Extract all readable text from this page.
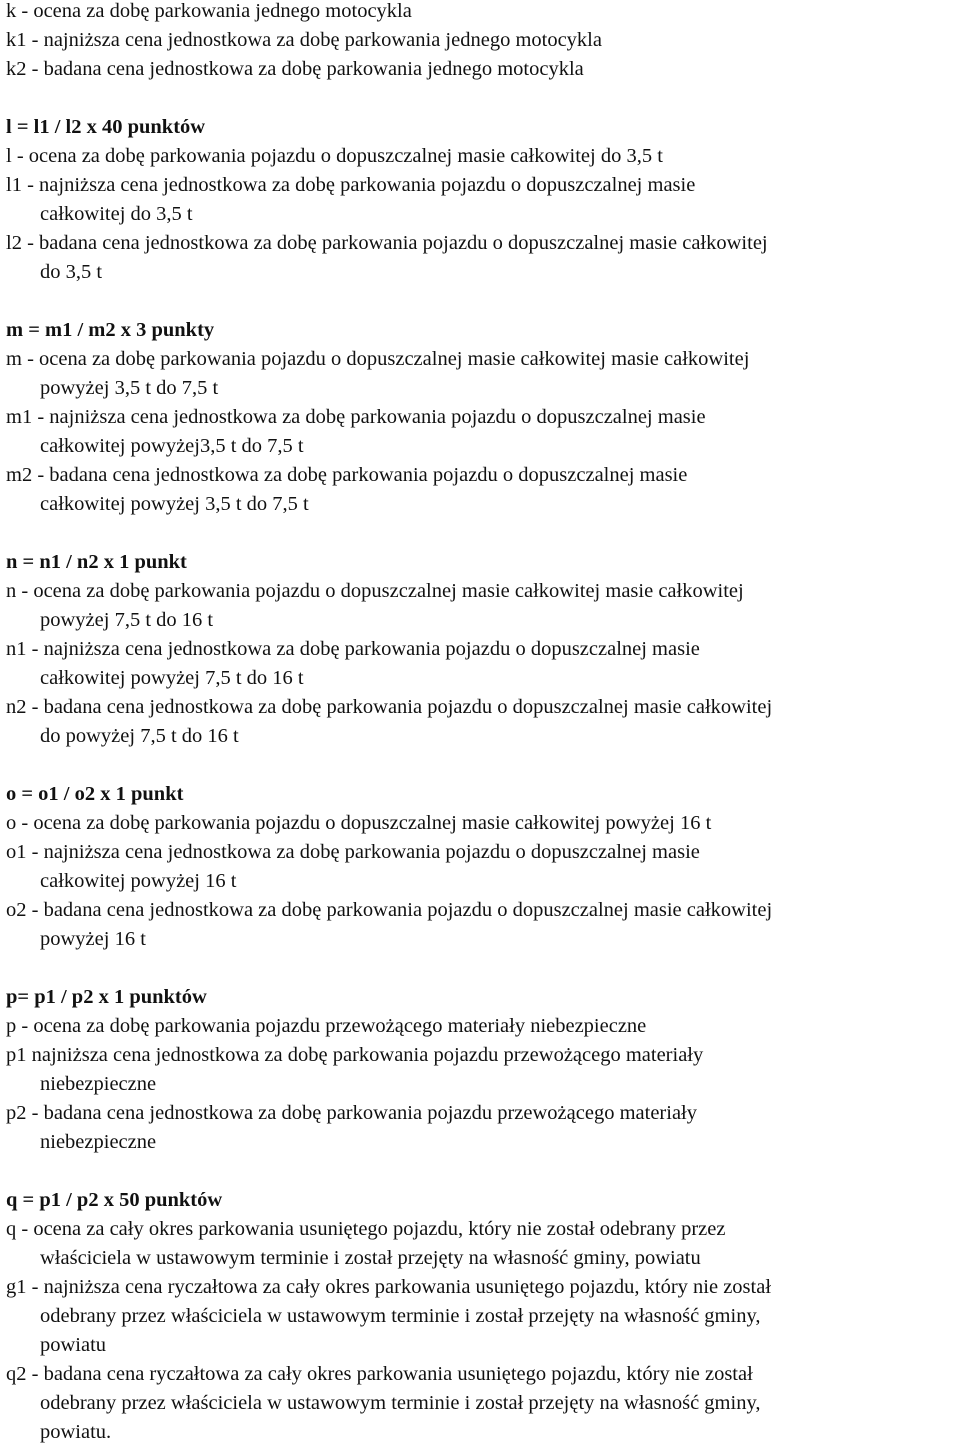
k - ocena za dobę parkowania jednego motocykla
k1 - najniższa cena jednostkowa za dobę parkowania jednego motocykla
k2 - badana cena jednostkowa za dobę parkowania jednego motocykla
l = l1 / l2 x 40 punktów
l - ocena za dobę parkowania pojazdu o dopuszczalnej masie całkowitej do 3,5 t
l1 - najniższa cena jednostkowa za dobę parkowania pojazdu o dopuszczalnej masie
całkowitej do 3,5 t
l2 - badana cena jednostkowa za dobę parkowania pojazdu o dopuszczalnej masie całkowitej
do 3,5 t
m = m1 / m2 x 3 punkty
m - ocena za dobę parkowania pojazdu o dopuszczalnej masie całkowitej masie całkowitej
powyżej 3,5 t do 7,5 t
m1 - najniższa cena jednostkowa za dobę parkowania pojazdu o dopuszczalnej masie
całkowitej powyżej3,5 t do 7,5 t
m2 - badana cena jednostkowa za dobę parkowania pojazdu o dopuszczalnej masie
całkowitej powyżej 3,5 t do 7,5 t
n = n1 / n2 x 1 punkt
n - ocena za dobę parkowania pojazdu o dopuszczalnej masie całkowitej masie całkowitej
powyżej 7,5 t do 16 t
n1 - najniższa cena jednostkowa za dobę parkowania pojazdu o dopuszczalnej masie
całkowitej powyżej 7,5 t do 16 t
n2 - badana cena jednostkowa za dobę parkowania pojazdu o dopuszczalnej masie całkowitej
do powyżej 7,5 t do 16 t
o = o1 / o2 x 1 punkt
o - ocena za dobę parkowania pojazdu o dopuszczalnej masie całkowitej powyżej 16 t
o1 - najniższa cena jednostkowa za dobę parkowania pojazdu o dopuszczalnej masie
całkowitej powyżej 16 t
o2 - badana cena jednostkowa za dobę parkowania pojazdu o dopuszczalnej masie całkowitej
powyżej 16 t
p= p1 / p2 x 1 punktów
p - ocena za dobę parkowania pojazdu przewożącego materiały niebezpieczne
p1 najniższa cena jednostkowa za dobę parkowania pojazdu przewożącego materiały
niebezpieczne
p2 - badana cena jednostkowa za dobę parkowania pojazdu przewożącego materiały
niebezpieczne
q = p1 / p2 x 50 punktów
q - ocena za cały okres parkowania usuniętego pojazdu, który nie został odebrany przez
właściciela w ustawowym terminie i został przejęty na własność gminy, powiatu
g1 - najniższa cena ryczałtowa za cały okres parkowania usuniętego pojazdu, który nie został
odebrany przez właściciela w ustawowym terminie i został przejęty na własność gminy,
powiatu
q2 - badana cena ryczałtowa za cały okres parkowania usuniętego pojazdu, który nie został
odebrany przez właściciela w ustawowym terminie i został przejęty na własność gminy,
powiatu.
